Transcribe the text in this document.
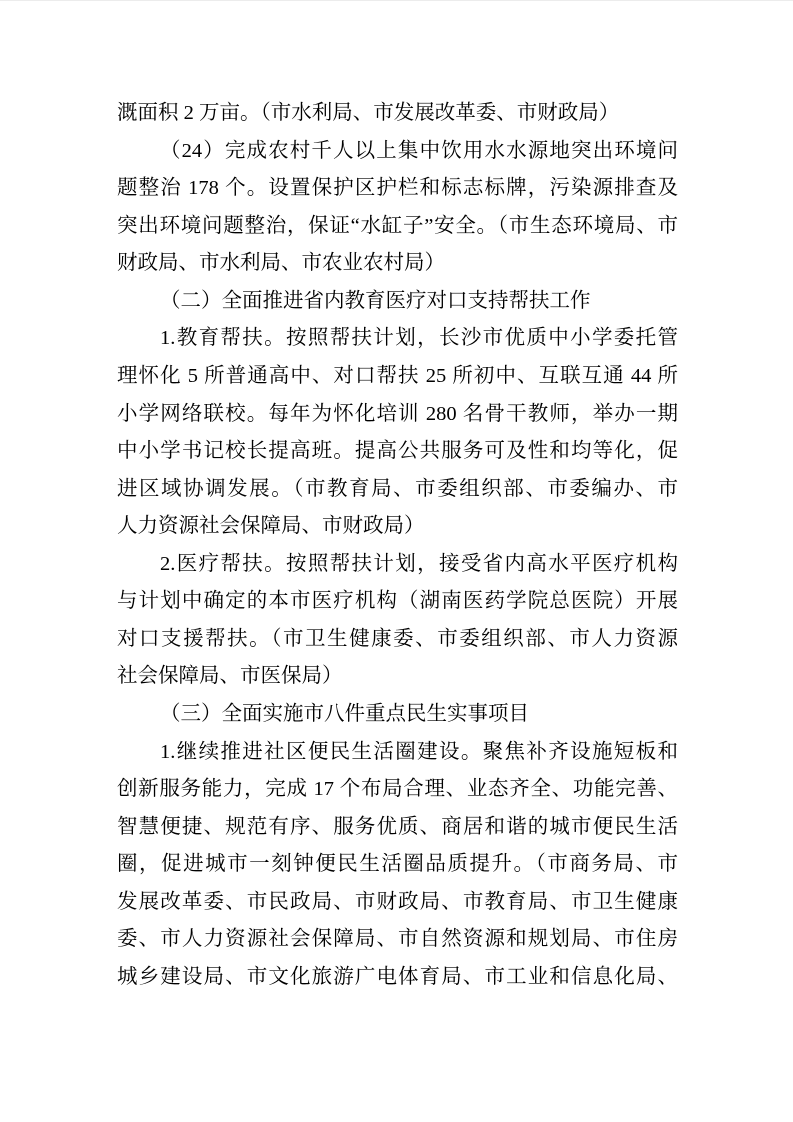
溉面积 2 万亩。（市水利局、市发展改革委、市财政局）
（24）完成农村千人以上集中饮用水水源地突出环境问
题整治 178 个。设置保护区护栏和标志标牌，污染源排查及
突出环境问题整治，保证“水缸子”安全。（市生态环境局、市
财政局、市水利局、市农业农村局）
（二）全面推进省内教育医疗对口支持帮扶工作
1.教育帮扶。按照帮扶计划，长沙市优质中小学委托管
理怀化 5 所普通高中、对口帮扶 25 所初中、互联互通 44 所
小学网络联校。每年为怀化培训 280 名骨干教师，举办一期
中小学书记校长提高班。提高公共服务可及性和均等化，促
进区域协调发展。（市教育局、市委组织部、市委编办、市
人力资源社会保障局、市财政局）
2.医疗帮扶。按照帮扶计划，接受省内高水平医疗机构
与计划中确定的本市医疗机构（湖南医药学院总医院）开展
对口支援帮扶。（市卫生健康委、市委组织部、市人力资源
社会保障局、市医保局）
（三）全面实施市八件重点民生实事项目
1.继续推进社区便民生活圈建设。聚焦补齐设施短板和
创新服务能力，完成 17 个布局合理、业态齐全、功能完善、
智慧便捷、规范有序、服务优质、商居和谐的城市便民生活
圈，促进城市一刻钟便民生活圈品质提升。（市商务局、市
发展改革委、市民政局、市财政局、市教育局、市卫生健康
委、市人力资源社会保障局、市自然资源和规划局、市住房
城乡建设局、市文化旅游广电体育局、市工业和信息化局、
